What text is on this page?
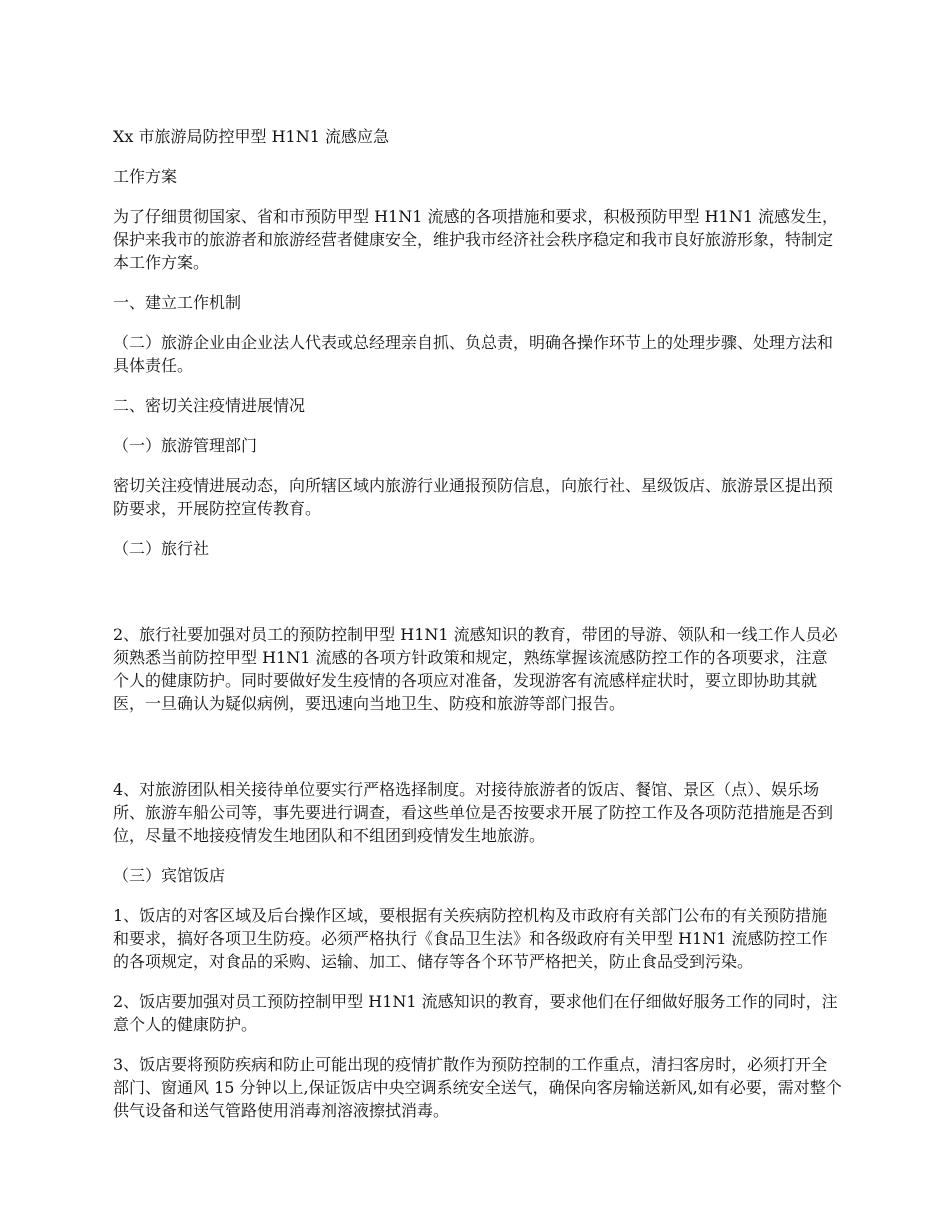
Xx 市旅游局防控甲型 H1N1 流感应急

工作方案

为了仔细贯彻国家、省和市预防甲型 H1N1 流感的各项措施和要求，积极预防甲型 H1N1 流感发生，保护来我市的旅游者和旅游经营者健康安全，维护我市经济社会秩序稳定和我市良好旅游形象，特制定本工作方案。

一、建立工作机制

（二）旅游企业由企业法人代表或总经理亲自抓、负总责，明确各操作环节上的处理步骤、处理方法和具体责任。

二、密切关注疫情进展情况

（一）旅游管理部门

密切关注疫情进展动态，向所辖区域内旅游行业通报预防信息，向旅行社、星级饭店、旅游景区提出预防要求，开展防控宣传教育。

（二）旅行社

2、旅行社要加强对员工的预防控制甲型 H1N1 流感知识的教育，带团的导游、领队和一线工作人员必须熟悉当前防控甲型 H1N1 流感的各项方针政策和规定，熟练掌握该流感防控工作的各项要求，注意个人的健康防护。同时要做好发生疫情的各项应对准备，发现游客有流感样症状时，要立即协助其就医，一旦确认为疑似病例，要迅速向当地卫生、防疫和旅游等部门报告。

4、对旅游团队相关接待单位要实行严格选择制度。对接待旅游者的饭店、餐馆、景区（点）、娱乐场所、旅游车船公司等，事先要进行调查，看这些单位是否按要求开展了防控工作及各项防范措施是否到位，尽量不地接疫情发生地团队和不组团到疫情发生地旅游。

（三）宾馆饭店

1、饭店的对客区域及后台操作区域，要根据有关疾病防控机构及市政府有关部门公布的有关预防措施和要求，搞好各项卫生防疫。必须严格执行《食品卫生法》和各级政府有关甲型 H1N1 流感防控工作的各项规定，对食品的采购、运输、加工、储存等各个环节严格把关，防止食品受到污染。

2、饭店要加强对员工预防控制甲型 H1N1 流感知识的教育，要求他们在仔细做好服务工作的同时，注意个人的健康防护。

3、饭店要将预防疾病和防止可能出现的疫情扩散作为预防控制的工作重点，清扫客房时，必须打开全部门、窗通风 15 分钟以上,保证饭店中央空调系统安全送气，确保向客房输送新风,如有必要，需对整个供气设备和送气管路使用消毒剂溶液擦拭消毒。
